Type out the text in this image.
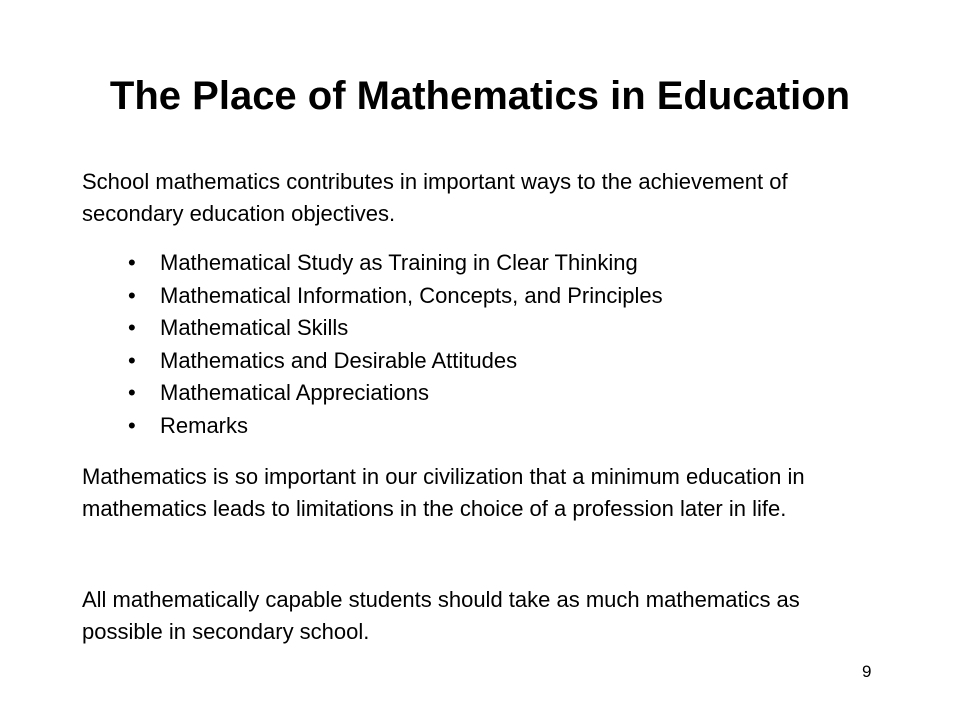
The Place of Mathematics in Education

School mathematics contributes in important ways to the achievement of secondary education objectives.

• Mathematical Study as Training in Clear Thinking
• Mathematical Information, Concepts, and Principles
• Mathematical Skills
• Mathematics and Desirable Attitudes
• Mathematical Appreciations
• Remarks

Mathematics is so important in our civilization that a minimum education in mathematics leads to limitations in the choice of a profession later in life.

All mathematically capable students should take as much mathematics as possible in secondary school.

9
